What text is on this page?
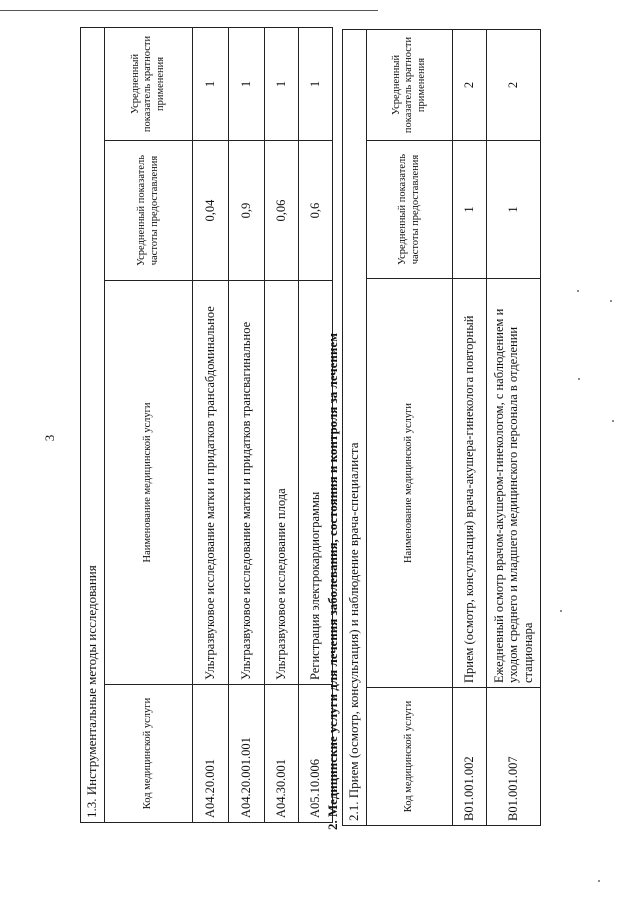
3
1.3. Инструментальные методы исследования			
Код медицинской услуги	Наименование медицинской услуги	Усредненный показатель частоты предоставления	Усредненный показатель кратности применения
A04.20.001	Ультразвуковое исследование матки и придатков трансабдоминальное	0,04	1
A04.20.001.001	Ультразвуковое исследование матки и придатков трансвагинальное	0,9	1
A04.30.001	Ультразвуковое исследование плода	0,06	1
A05.10.006	Регистрация электрокардиограммы	0,6	1
2. Медицинские услуги для лечения заболевания, состояния и контроля за лечением 2.1. Прием (осмотр, консультация) и наблюдение врача-специалиста			
Код медицинской услуги	Наименование медицинской услуги	Усредненный показатель частоты предоставления	Усредненный показатель кратности применения
B01.001.002	Прием (осмотр, консультация) врача-акушера-гинеколога повторный	1	2
B01.001.007	Ежедневный осмотр врачом-акушером-гинекологом, с наблюдением и уходом среднего и младшего медицинского персонала в отделении стационара	1	2
